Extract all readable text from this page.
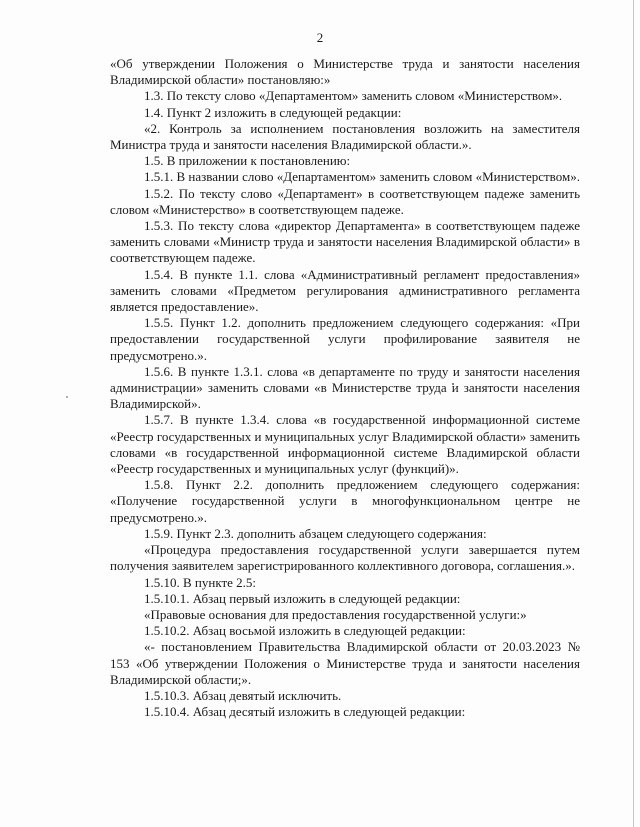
2

«Об утверждении Положения о Министерстве труда и занятости населения Владимирской области» постановляю:»

1.3. По тексту слово «Департаментом» заменить словом «Министерством».

1.4. Пункт 2 изложить в следующей редакции:

«2. Контроль за исполнением постановления возложить на заместителя Министра труда и занятости населения Владимирской области.».

1.5. В приложении к постановлению:

1.5.1. В названии слово «Департаментом» заменить словом «Министерством».

1.5.2. По тексту слово «Департамент» в соответствующем падеже заменить словом «Министерство» в соответствующем падеже.

1.5.3. По тексту слова «директор Департамента» в соответствующем падеже заменить словами «Министр труда и занятости населения Владимирской области» в соответствующем падеже.

1.5.4. В пункте 1.1. слова «Административный регламент предоставления» заменить словами «Предметом регулирования административного регламента является предоставление».

1.5.5. Пункт 1.2. дополнить предложением следующего содержания: «При предоставлении государственной услуги профилирование заявителя не предусмотрено.».

1.5.6. В пункте 1.3.1. слова «в департаменте по труду и занятости населения администрации» заменить словами «в Министерстве труда и занятости населения Владимирской».

1.5.7. В пункте 1.3.4. слова «в государственной информационной системе «Реестр государственных и муниципальных услуг Владимирской области» заменить словами «в государственной информационной системе Владимирской области «Реестр государственных и муниципальных услуг (функций)».

1.5.8. Пункт 2.2. дополнить предложением следующего содержания: «Получение государственной услуги в многофункциональном центре не предусмотрено.».

1.5.9. Пункт 2.3. дополнить абзацем следующего содержания:

«Процедура предоставления государственной услуги завершается путем получения заявителем зарегистрированного коллективного договора, соглашения.».

1.5.10. В пункте 2.5:

1.5.10.1. Абзац первый изложить в следующей редакции:

«Правовые основания для предоставления государственной услуги:»

1.5.10.2. Абзац восьмой изложить в следующей редакции:

«- постановлением Правительства Владимирской области от 20.03.2023 № 153 «Об утверждении Положения о Министерстве труда и занятости населения Владимирской области;».

1.5.10.3. Абзац девятый исключить.

1.5.10.4. Абзац десятый изложить в следующей редакции:
